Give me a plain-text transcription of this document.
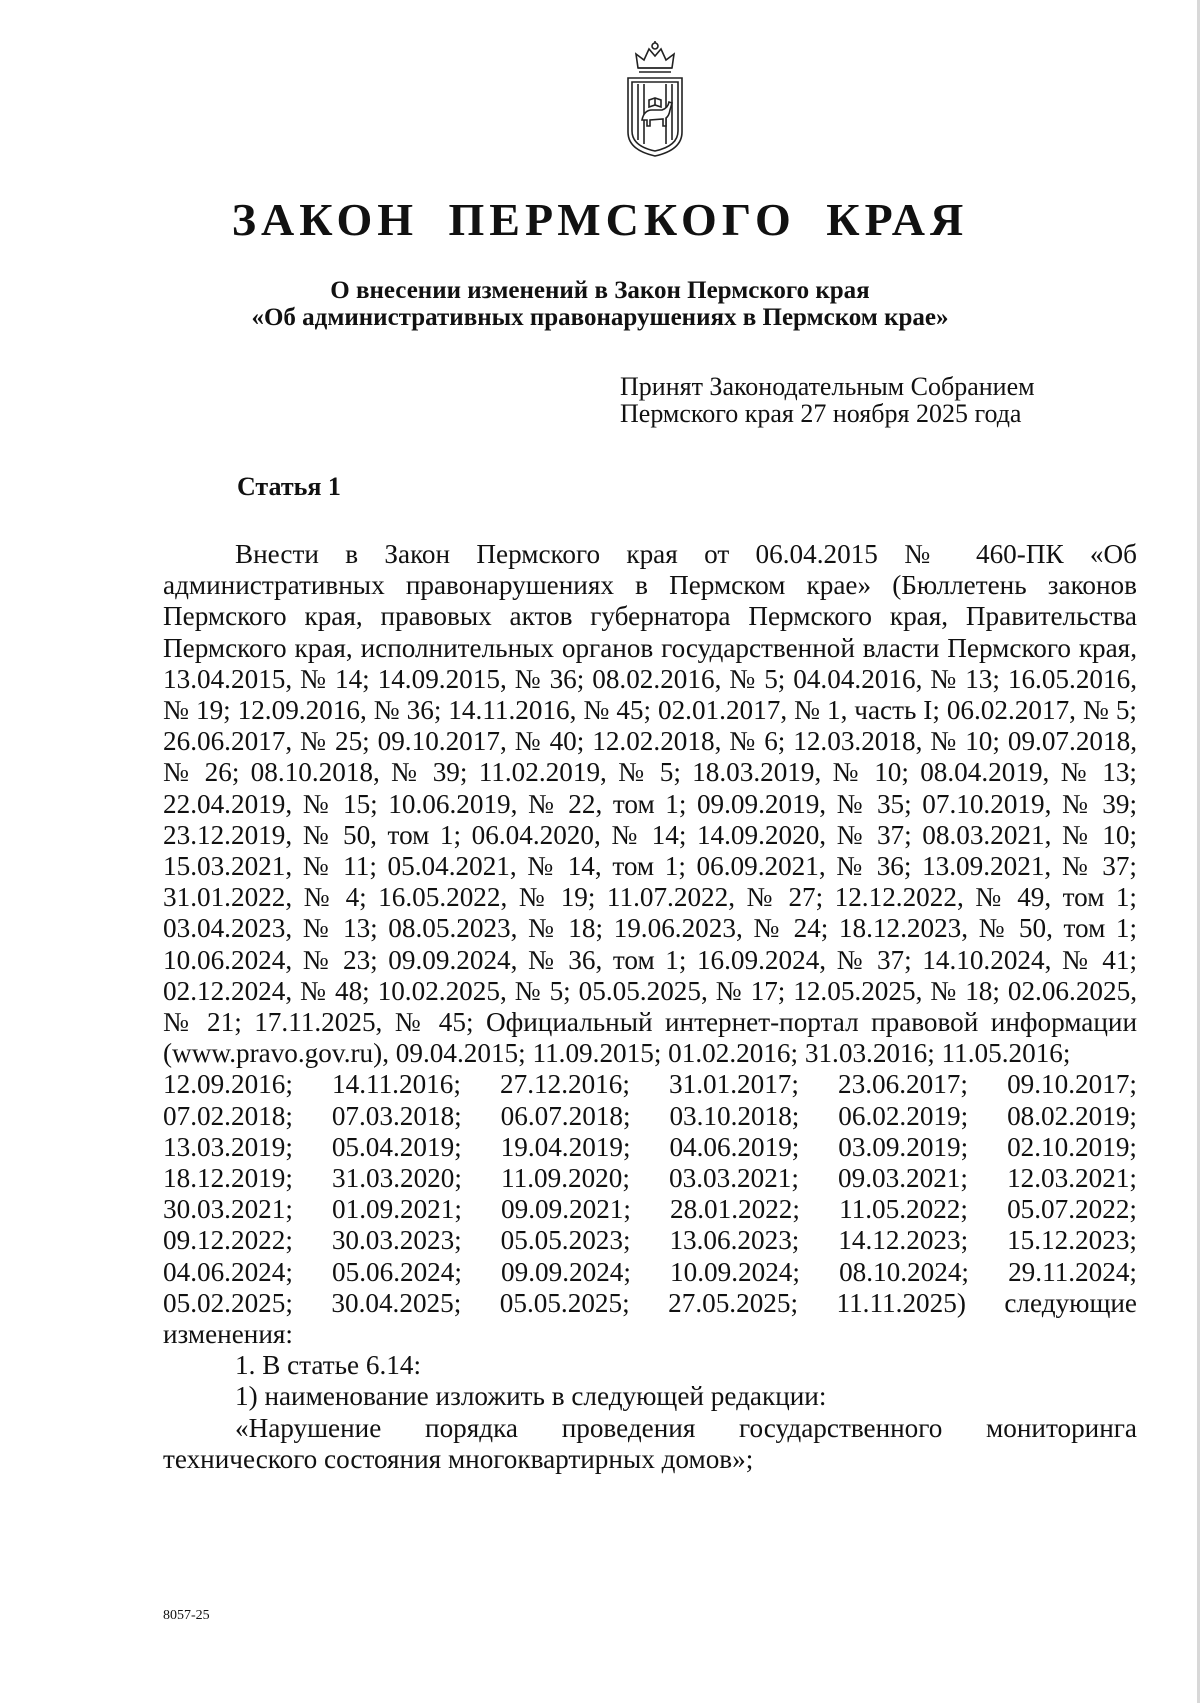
ЗАКОН ПЕРМСКОГО КРАЯ
О внесении изменений в Закон Пермского края
«Об административных правонарушениях в Пермском крае»
Принят Законодательным Собранием
Пермского края 27 ноября 2025 года
Статья 1

Внести в Закон Пермского края от 06.04.2015 № 460-ПК «Об административных правонарушениях в Пермском крае» (Бюллетень законов Пермского края, правовых актов губернатора Пермского края, Правительства Пермского края, исполнительных органов государственной власти Пермского края, 13.04.2015, № 14; 14.09.2015, № 36; 08.02.2016, № 5; 04.04.2016, № 13; 16.05.2016, № 19; 12.09.2016, № 36; 14.11.2016, № 45; 02.01.2017, № 1, часть I; 06.02.2017, № 5; 26.06.2017, № 25; 09.10.2017, № 40; 12.02.2018, № 6; 12.03.2018, № 10; 09.07.2018, № 26; 08.10.2018, № 39; 11.02.2019, № 5; 18.03.2019, № 10; 08.04.2019, № 13; 22.04.2019, № 15; 10.06.2019, № 22, том 1; 09.09.2019, № 35; 07.10.2019, № 39; 23.12.2019, № 50, том 1; 06.04.2020, № 14; 14.09.2020, № 37; 08.03.2021, № 10; 15.03.2021, № 11; 05.04.2021, № 14, том 1; 06.09.2021, № 36; 13.09.2021, № 37; 31.01.2022, № 4; 16.05.2022, № 19; 11.07.2022, № 27; 12.12.2022, № 49, том 1; 03.04.2023, № 13; 08.05.2023, № 18; 19.06.2023, № 24; 18.12.2023, № 50, том 1; 10.06.2024, № 23; 09.09.2024, № 36, том 1; 16.09.2024, № 37; 14.10.2024, № 41; 02.12.2024, № 48; 10.02.2025, № 5; 05.05.2025, № 17; 12.05.2025, № 18; 02.06.2025, № 21; 17.11.2025, № 45; Официальный интернет-портал правовой информации (www.pravo.gov.ru), 09.04.2015; 11.09.2015; 01.02.2016; 31.03.2016; 11.05.2016;

12.09.2016; 14.11.2016; 27.12.2016; 31.01.2017; 23.06.2017; 09.10.2017;
07.02.2018; 07.03.2018; 06.07.2018; 03.10.2018; 06.02.2019; 08.02.2019;
13.03.2019; 05.04.2019; 19.04.2019; 04.06.2019; 03.09.2019; 02.10.2019;
18.12.2019; 31.03.2020; 11.09.2020; 03.03.2021; 09.03.2021; 12.03.2021;
30.03.2021; 01.09.2021; 09.09.2021; 28.01.2022; 11.05.2022; 05.07.2022;
09.12.2022; 30.03.2023; 05.05.2023; 13.06.2023; 14.12.2023; 15.12.2023;
04.06.2024; 05.06.2024; 09.09.2024; 10.09.2024; 08.10.2024; 29.11.2024;
05.02.2025; 30.04.2025; 05.05.2025; 27.05.2025; 11.11.2025) следующие

изменения:

1. В статье 6.14:

1) наименование изложить в следующей редакции:

«Нарушение порядка проведения государственного мониторинга технического состояния многоквартирных домов»;

8057-25
